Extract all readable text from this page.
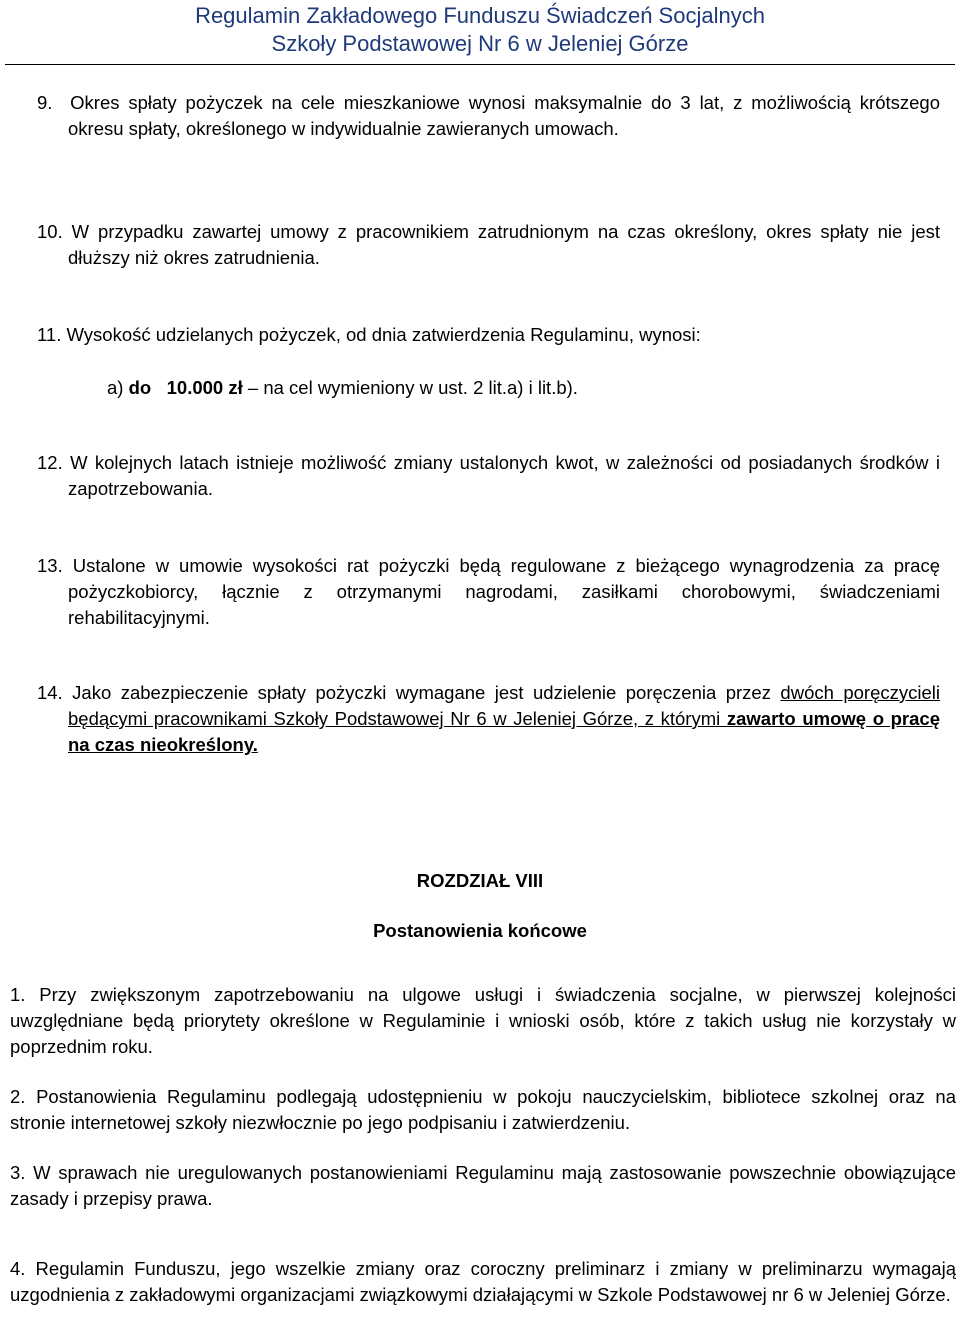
Regulamin Zakładowego Funduszu Świadczeń Socjalnych
Szkoły Podstawowej Nr 6 w Jeleniej Górze
9. Okres spłaty pożyczek na cele mieszkaniowe wynosi maksymalnie do 3 lat, z możliwością krótszego okresu spłaty, określonego w indywidualnie zawieranych umowach.
10. W przypadku zawartej umowy z pracownikiem zatrudnionym na czas określony, okres spłaty nie jest dłuższy niż okres zatrudnienia.
11. Wysokość udzielanych pożyczek, od dnia zatwierdzenia Regulaminu, wynosi:
a) do 10.000 zł – na cel wymieniony w ust. 2 lit.a) i lit.b).
12. W kolejnych latach istnieje możliwość zmiany ustalonych kwot, w zależności od posiadanych środków i zapotrzebowania.
13. Ustalone w umowie wysokości rat pożyczki będą regulowane z bieżącego wynagrodzenia za pracę pożyczkobiorcy, łącznie z otrzymanymi nagrodami, zasiłkami chorobowymi, świadczeniami rehabilitacyjnymi.
14. Jako zabezpieczenie spłaty pożyczki wymagane jest udzielenie poręczenia przez dwóch poręczycieli będącymi pracownikami Szkoły Podstawowej Nr 6 w Jeleniej Górze, z którymi zawarto umowę o pracę na czas nieokreślony.
ROZDZIAŁ VIII
Postanowienia końcowe
1. Przy zwiększonym zapotrzebowaniu na ulgowe usługi i świadczenia socjalne, w pierwszej kolejności uwzględniane będą priorytety określone w Regulaminie i wnioski osób, które z takich usług nie korzystały w poprzednim roku.
2. Postanowienia Regulaminu podlegają udostępnieniu w pokoju nauczycielskim, bibliotece szkolnej oraz na stronie internetowej szkoły niezwłocznie po jego podpisaniu i zatwierdzeniu.
3. W sprawach nie uregulowanych postanowieniami Regulaminu mają zastosowanie powszechnie obowiązujące zasady i przepisy prawa.
4. Regulamin Funduszu, jego wszelkie zmiany oraz coroczny preliminarz i zmiany w preliminarzu wymagają uzgodnienia z zakładowymi organizacjami związkowymi działającymi w Szkole Podstawowej nr 6 w Jeleniej Górze.
